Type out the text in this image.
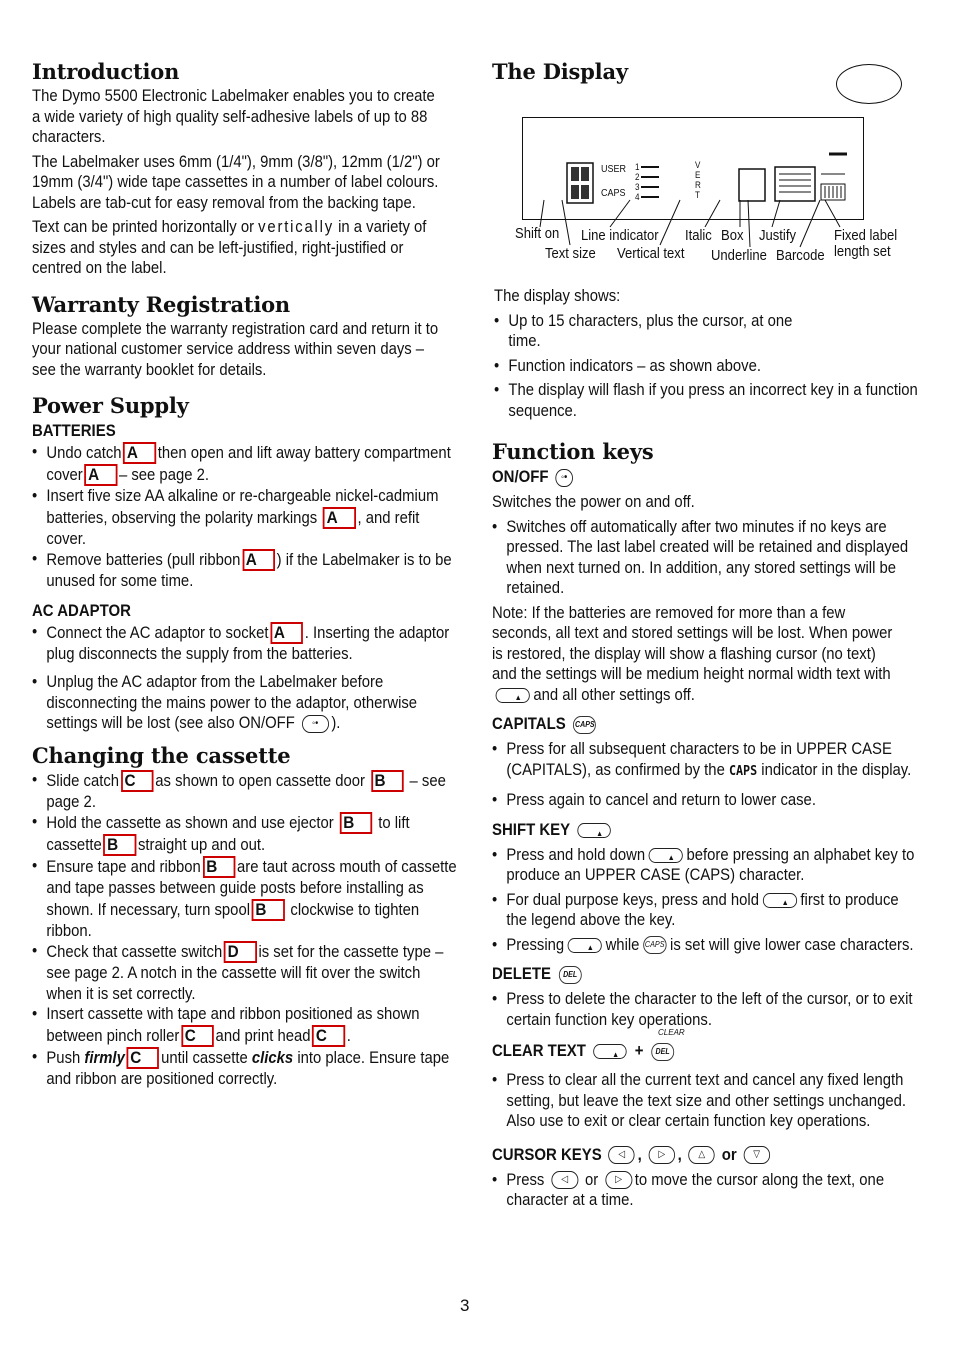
Introduction

The Dymo 5500 Electronic Labelmaker enables you to create a wide variety of high quality self-adhesive labels of up to 88 characters.

The Labelmaker uses 6mm (1/4"), 9mm (3/8"), 12mm (1/2") or 19mm (3/4") wide tape cassettes in a number of label colours. Labels are tab-cut for easy removal from the backing tape.

Text can be printed horizontally or vertically in a variety of sizes and styles and can be left-justified, right-justified or centred on the label.

Warranty Registration

Please complete the warranty registration card and return it to your national customer service address within seven days – see the warranty booklet for details.

Power Supply
BATTERIES
• Undo catch A then open and lift away battery compartment cover A – see page 2.
• Insert five size AA alkaline or re-chargeable nickel-cadmium batteries, observing the polarity markings A , and refit cover.
• Remove batteries (pull ribbon A ) if the Labelmaker is to be unused for some time.
AC ADAPTOR
• Connect the AC adaptor to socket A . Inserting the adaptor plug disconnects the supply from the batteries.
• Unplug the AC adaptor from the Labelmaker before disconnecting the mains power to the adaptor, otherwise settings will be lost (see also ON/OFF ◦• ).
Changing the cassette
• Slide catch C as shown to open cassette door B – see page 2.
• Hold the cassette as shown and use ejector B to lift cassette B straight up and out.
• Ensure tape and ribbon B are taut across mouth of cassette and tape passes between guide posts before installing as shown. If necessary, turn spool B clockwise to tighten ribbon.
• Check that cassette switch D is set for the cassette type – see page 2. A notch in the cassette will fit over the switch when it is set correctly.
• Insert cassette with tape and ribbon positioned as shown between pinch roller C and print head C .
• Push firmly C until cassette clicks into place. Ensure tape and ribbon are positioned correctly.
The Display
USER
CAPS
1
2
3
4
V
E
R
T
Shift on
Text size
Line indicator
Vertical text
Italic Box
Underline
Justify
Barcode
Fixed label
length set

The display shows:

• Up to 15 characters, plus the cursor, at one time.
• Function indicators – as shown above.
• The display will flash if you press an incorrect key in a function sequence.
Function keys
ON/OFF ◦•

Switches the power on and off.

• Switches off automatically after two minutes if no keys are pressed. The last label created will be retained and displayed when next turned on. In addition, any stored settings will be retained.

Note: If the batteries are removed for more than a few seconds, all text and stored settings will be lost. When power is restored, the display will show a flashing cursor (no text) and the settings will be medium height normal width text with▲and all other settings off.

CAPITALS CAPS
• Press for all subsequent characters to be in UPPER CASE (CAPITALS), as confirmed by the CAPS indicator in the display.
• Press again to cancel and return to lower case.
SHIFT KEY ▲
• Press and hold down ▲	before pressing an alphabet key to produce an UPPER CASE (CAPS) character.
• For dual purpose keys, press and hold ▲	first to produce the legend above the key.
• Pressing ▲	while CAPS is set will give lower case characters.
DELETE DEL
• Press to delete the character to the left of the cursor, or to exit certain function key operations.
CLEAR
CLEAR TEXT ▲	+ DEL
• Press to clear all the current text and cancel any fixed length setting, but leave the text size and other settings unchanged. Also use to exit or clear certain function key operations.
CURSOR KEYS ◁ , ▷ , △ or ▽
• Press ◁ or ▷ to move the cursor along the text, one character at a time.
3
